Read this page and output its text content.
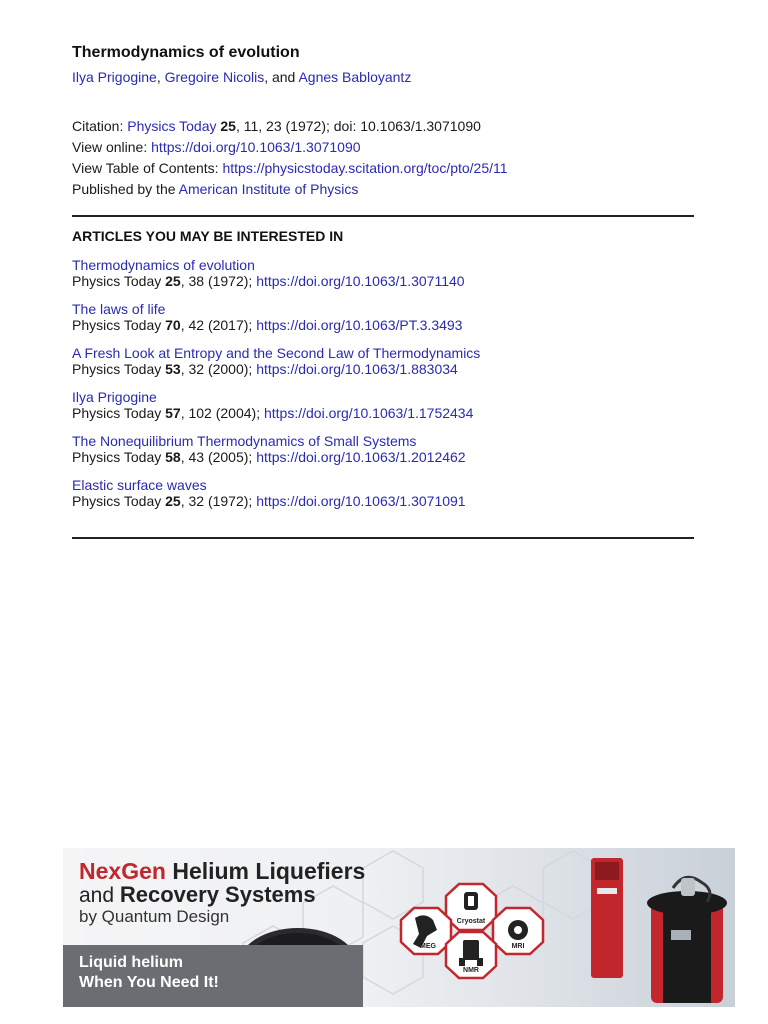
Thermodynamics of evolution
Ilya Prigogine, Gregoire Nicolis, and Agnes Babloyantz
Citation: Physics Today 25, 11, 23 (1972); doi: 10.1063/1.3071090
View online: https://doi.org/10.1063/1.3071090
View Table of Contents: https://physicstoday.scitation.org/toc/pto/25/11
Published by the American Institute of Physics
ARTICLES YOU MAY BE INTERESTED IN
Thermodynamics of evolution
Physics Today 25, 38 (1972); https://doi.org/10.1063/1.3071140
The laws of life
Physics Today 70, 42 (2017); https://doi.org/10.1063/PT.3.3493
A Fresh Look at Entropy and the Second Law of Thermodynamics
Physics Today 53, 32 (2000); https://doi.org/10.1063/1.883034
Ilya Prigogine
Physics Today 57, 102 (2004); https://doi.org/10.1063/1.1752434
The Nonequilibrium Thermodynamics of Small Systems
Physics Today 58, 43 (2005); https://doi.org/10.1063/1.2012462
Elastic surface waves
Physics Today 25, 32 (1972); https://doi.org/10.1063/1.3071091
Cryostat
MEG	MRI
NMR
NexGen Helium Liquefiers
and Recovery Systems
by Quantum Design
Liquid helium
When You Need It!
